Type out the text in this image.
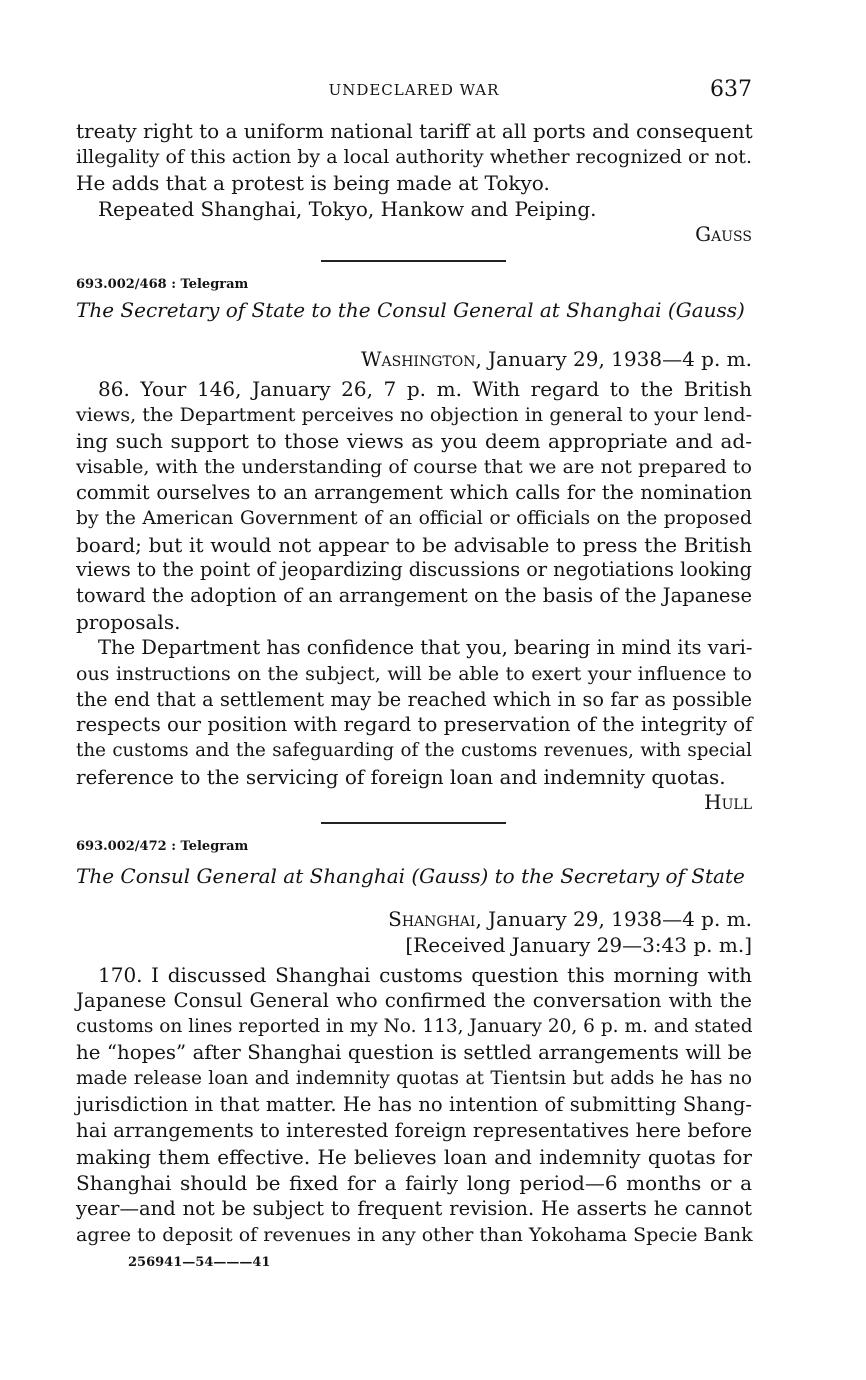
UNDECLARED WAR	637
treaty right to a uniform national tariff at all ports and consequent
illegality of this action by a local authority whether recognized or not.
He adds that a protest is being made at Tokyo.
Repeated Shanghai, Tokyo, Hankow and Peiping.
Gauss
693.002/468 : Telegram
The Secretary of State to the Consul General at Shanghai (Gauss)
Washington, January 29, 1938—4 p. m.
86. Your 146, January 26, 7 p. m. With regard to the British
views, the Department perceives no objection in general to your lend-
ing such support to those views as you deem appropriate and ad-
visable, with the understanding of course that we are not prepared to
commit ourselves to an arrangement which calls for the nomination
by the American Government of an official or officials on the proposed
board; but it would not appear to be advisable to press the British
views to the point of jeopardizing discussions or negotiations looking
toward the adoption of an arrangement on the basis of the Japanese
proposals.
The Department has confidence that you, bearing in mind its vari-
ous instructions on the subject, will be able to exert your influence to
the end that a settlement may be reached which in so far as possible
respects our position with regard to preservation of the integrity of
the customs and the safeguarding of the customs revenues, with special
reference to the servicing of foreign loan and indemnity quotas.
Hull
693.002/472 : Telegram
The Consul General at Shanghai (Gauss) to the Secretary of State
Shanghai, January 29, 1938—4 p. m.
[Received January 29—3:43 p. m.]
170. I discussed Shanghai customs question this morning with
Japanese Consul General who confirmed the conversation with the
customs on lines reported in my No. 113, January 20, 6 p. m. and stated
he “hopes” after Shanghai question is settled arrangements will be
made release loan and indemnity quotas at Tientsin but adds he has no
jurisdiction in that matter. He has no intention of submitting Shang-
hai arrangements to interested foreign representatives here before
making them effective. He believes loan and indemnity quotas for
Shanghai should be fixed for a fairly long period—6 months or a
year—and not be subject to frequent revision. He asserts he cannot
agree to deposit of revenues in any other than Yokohama Specie Bank
256941—54———41
